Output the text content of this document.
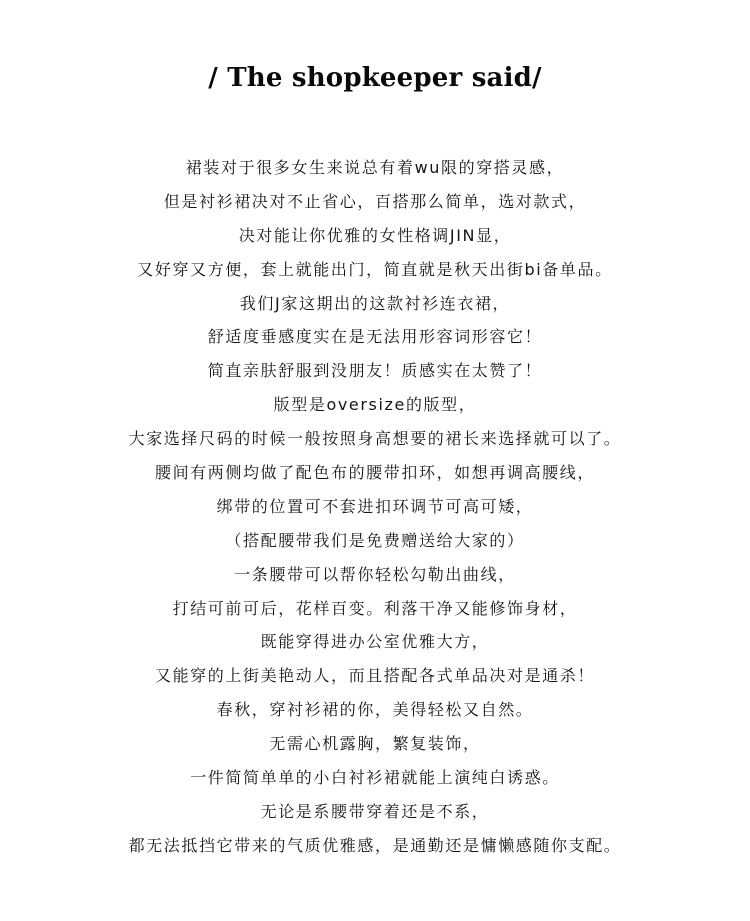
/ The shopkeeper said/
裙装对于很多女生来说总有着wu限的穿搭灵感，
但是衬衫裙决对不止省心，百搭那么简单，选对款式，
决对能让你优雅的女性格调JIN显，
又好穿又方便，套上就能出门，简直就是秋天出街bi备单品。
我们J家这期出的这款衬衫连衣裙，
舒适度垂感度实在是无法用形容词形容它！
简直亲肤舒服到没朋友！质感实在太赞了！
版型是oversize的版型，
大家选择尺码的时候一般按照身高想要的裙长来选择就可以了。
腰间有两侧均做了配色布的腰带扣环，如想再调高腰线，
绑带的位置可不套进扣环调节可高可矮，
（搭配腰带我们是免费赠送给大家的）
一条腰带可以帮你轻松勾勒出曲线，
打结可前可后，花样百变。利落干净又能修饰身材，
既能穿得进办公室优雅大方，
又能穿的上街美艳动人，而且搭配各式单品决对是通杀！
春秋，穿衬衫裙的你，美得轻松又自然。
无需心机露胸，繁复装饰，
一件简简单单的小白衬衫裙就能上演纯白诱惑。
无论是系腰带穿着还是不系，
都无法抵挡它带来的气质优雅感，是通勤还是慵懒感随你支配。
